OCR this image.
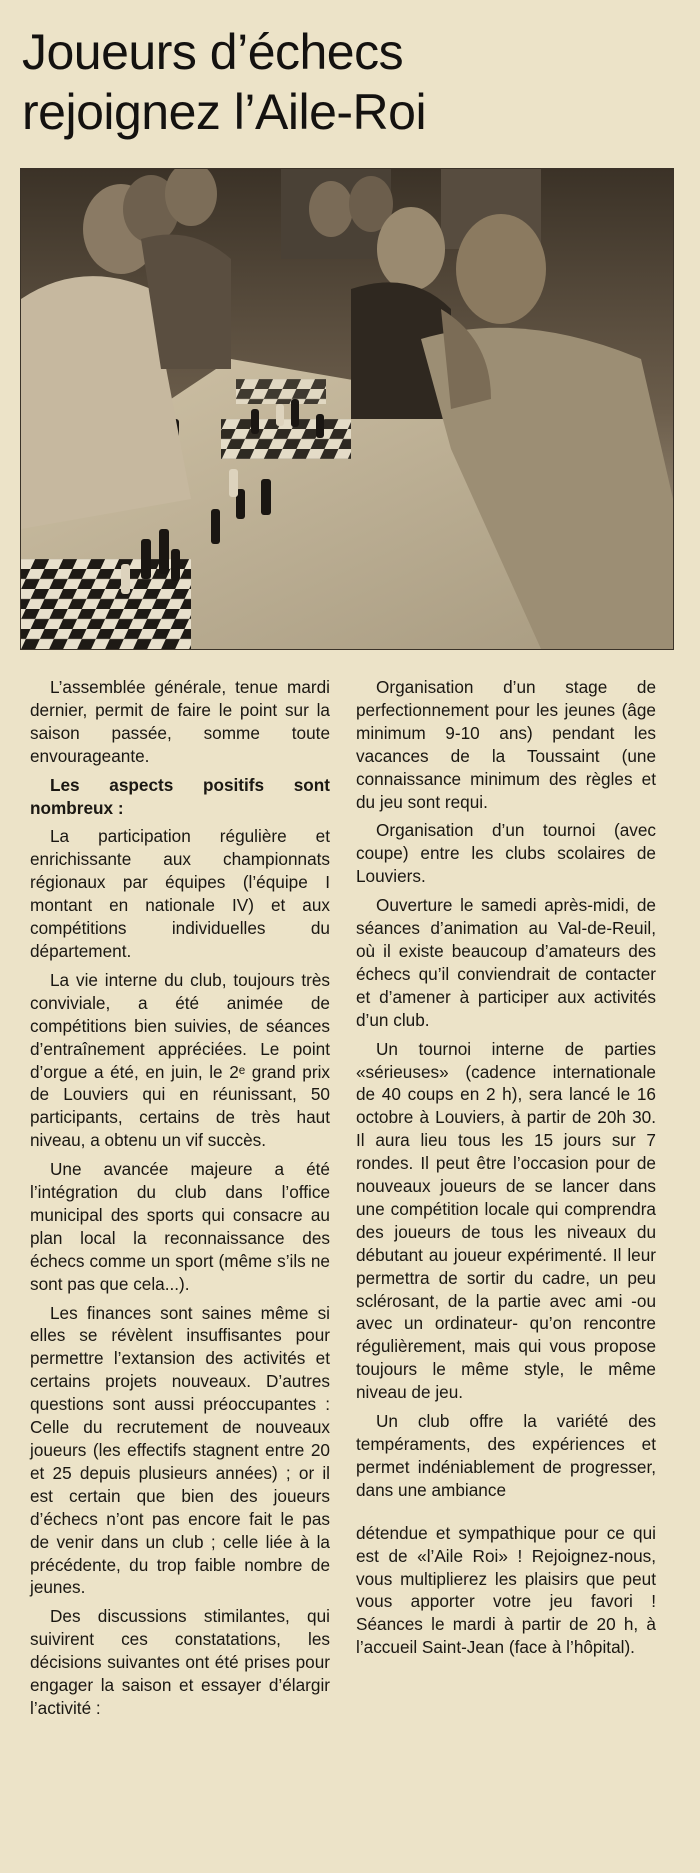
Joueurs d’échecs
rejoignez l’Aile-Roi

L’assemblée générale, tenue mardi dernier, permit de faire le point sur la saison passée, somme toute envourageante.

Les aspects positifs sont nombreux :

La participation régulière et enrichissante aux championnats régionaux par équipes (l’équipe I montant en nationale IV) et aux compétitions individuelles du département.

La vie interne du club, toujours très conviviale, a été animée de compétitions bien suivies, de séances d’entraînement appréciées. Le point d’orgue a été, en juin, le 2ᵉ grand prix de Louviers qui en réunissant, 50 participants, certains de très haut niveau, a obtenu un vif succès.

Une avancée majeure a été l’intégration du club dans l’office municipal des sports qui consacre au plan local la reconnaissance des échecs comme un sport (même s’ils ne sont pas que cela...).

Les finances sont saines même si elles se révèlent insuffisantes pour permettre l’extansion des activités et certains projets nouveaux. D’autres questions sont aussi préoccupantes : Celle du recrutement de nouveaux joueurs (les effectifs stagnent entre 20 et 25 depuis plusieurs années) ; or il est certain que bien des joueurs d’échecs n’ont pas encore fait le pas de venir dans un club ; celle liée à la précédente, du trop faible nombre de jeunes.

Des discussions stimilantes, qui suivirent ces constatations, les décisions suivantes ont été prises pour engager la saison et essayer d’élargir l’activité :

Organisation d’un stage de perfectionnement pour les jeunes (âge minimum 9-10 ans) pendant les vacances de la Toussaint (une connaissance minimum des règles et du jeu sont requi.

Organisation d’un tournoi (avec coupe) entre les clubs scolaires de Louviers.

Ouverture le samedi après-midi, de séances d’animation au Val-de-Reuil, où il existe beaucoup d’amateurs des échecs qu’il conviendrait de contacter et d’amener à participer aux activités d’un club.

Un tournoi interne de parties «sérieuses» (cadence internationale de 40 coups en 2 h), sera lancé le 16 octobre à Louviers, à partir de 20h 30. Il aura lieu tous les 15 jours sur 7 rondes. Il peut être l’occasion pour de nouveaux joueurs de se lancer dans une compétition locale qui comprendra des joueurs de tous les niveaux du débutant au joueur expérimenté. Il leur permettra de sortir du cadre, un peu sclérosant, de la partie avec ami -ou avec un ordinateur- qu’on rencontre régulièrement, mais qui vous propose toujours le même style, le même niveau de jeu.

Un club offre la variété des tempéraments, des expériences et permet indéniablement de progresser, dans une ambiance

détendue et sympathique pour ce qui est de «l’Aile Roi» ! Rejoignez-nous, vous multiplierez les plaisirs que peut vous apporter votre jeu favori ! Séances le mardi à partir de 20 h, à l’accueil Saint-Jean (face à l’hôpital).
